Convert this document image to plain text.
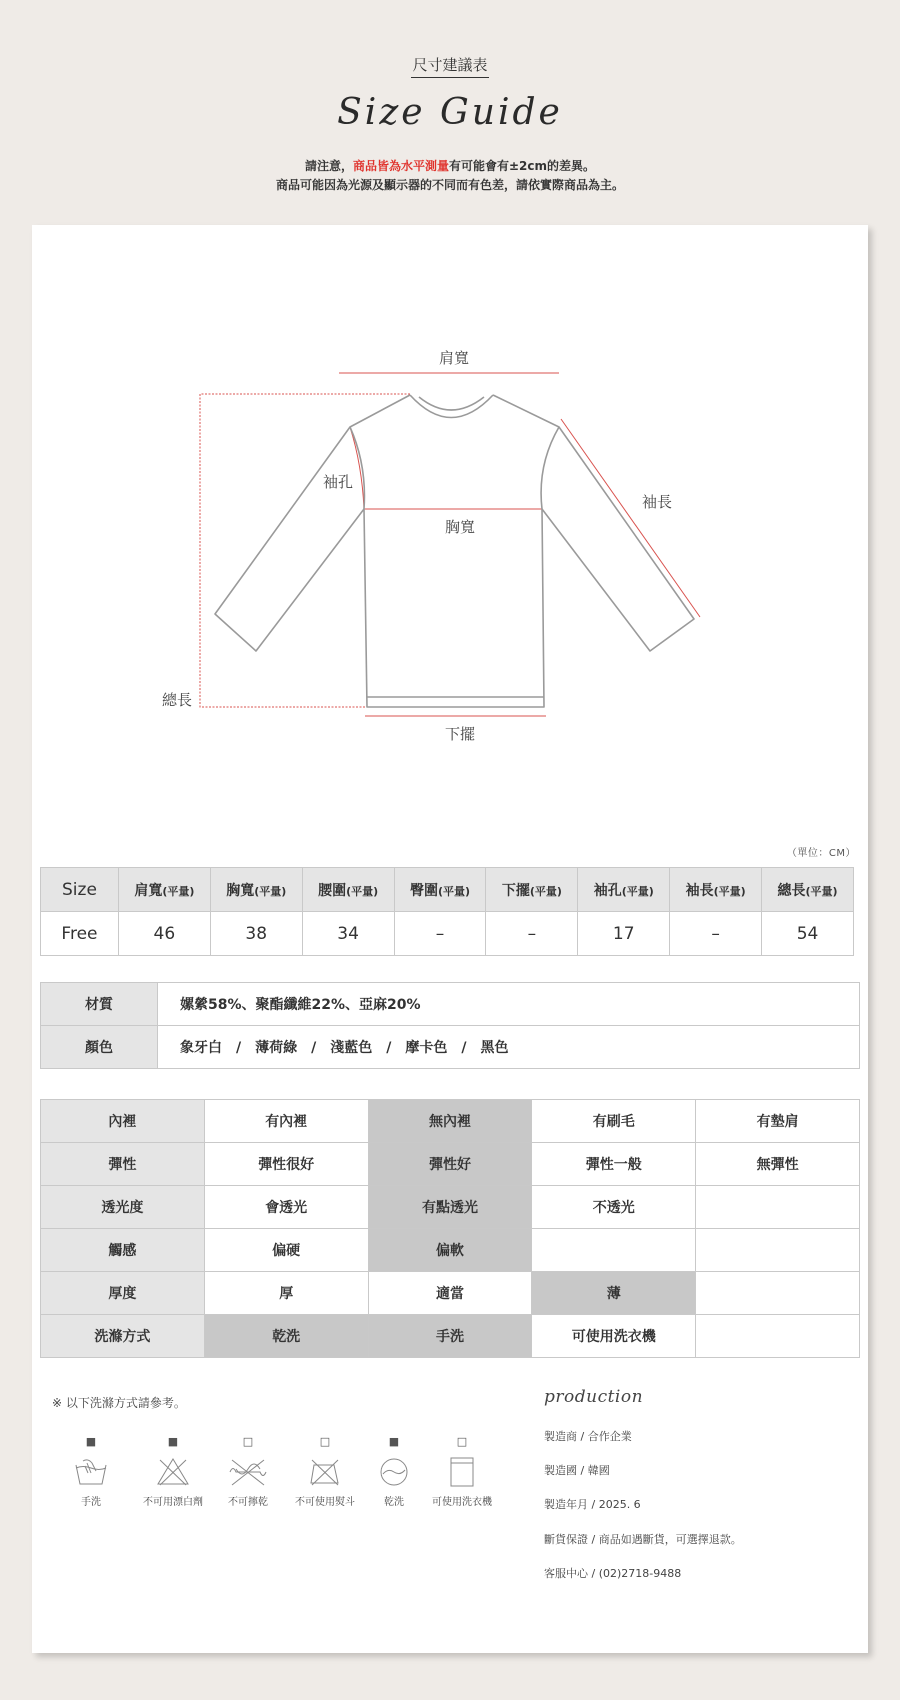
尺寸建議表
Size Guide
請注意，商品皆為水平測量有可能會有±2cm的差異。
商品可能因為光源及顯示器的不同而有色差，請依實際商品為主。
肩寬
袖孔
胸寬
袖長
總長
下擺
（單位：CM）
Size	肩寬(平量)	胸寬(平量)	腰圍(平量)	臀圍(平量)	下擺(平量)	袖孔(平量)	袖長(平量)	總長(平量)
Free	46	38	34	–	–	17	–	54
材質	嫘縈58%、聚酯纖維22%、亞麻20%
顏色	象牙白　/　薄荷綠　/　淺藍色　/　摩卡色　/　黑色
內裡	有內裡	無內裡	有刷毛	有墊肩
彈性	彈性很好	彈性好	彈性一般	無彈性
透光度	會透光	有點透光	不透光	
觸感	偏硬	偏軟		
厚度	厚	適當	薄	
洗滌方式	乾洗	手洗	可使用洗衣機	
※ 以下洗滌方式請參考。
■
手洗
■
不可用漂白劑
□
不可擰乾
□
不可使用熨斗
■
乾洗
□
可使用洗衣機
production
製造商 / 合作企業
製造國 / 韓國
製造年月 / 2025. 6
斷貨保證 / 商品如遇斷貨，可選擇退款。
客服中心 / (02)2718-9488
